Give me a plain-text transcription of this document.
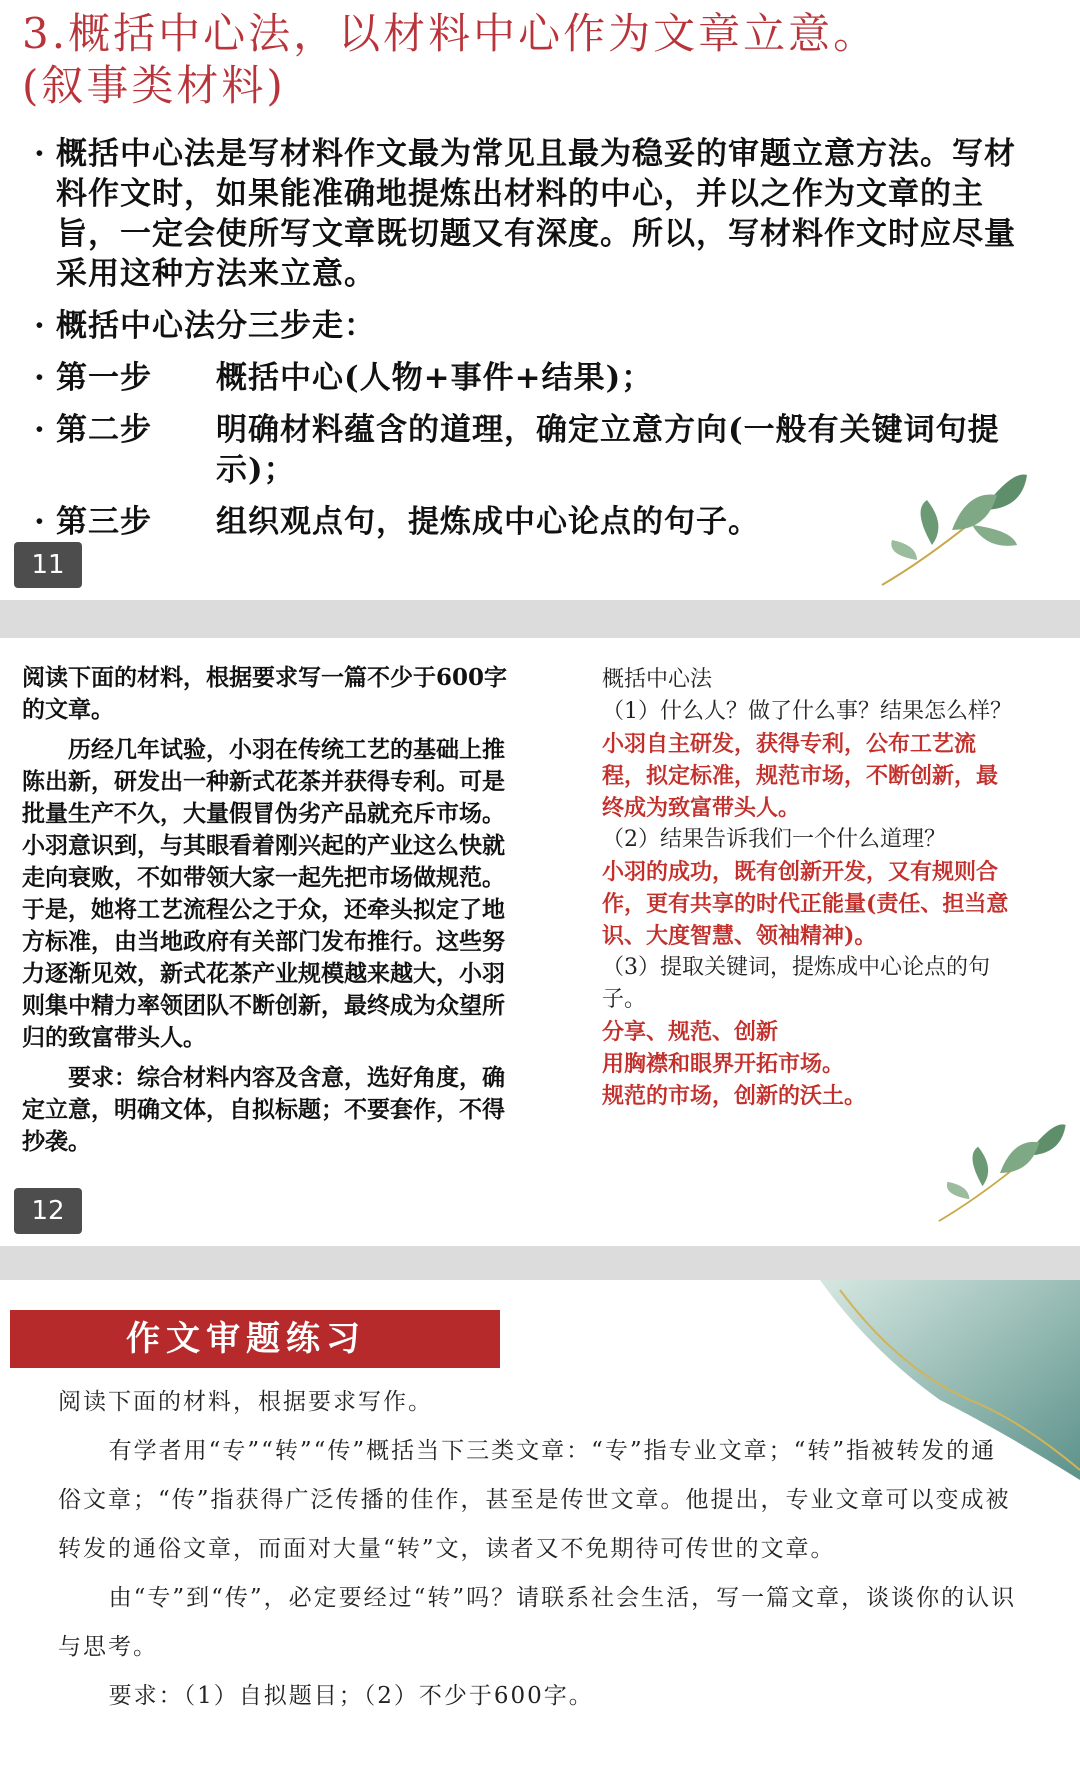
3.概括中心法，以材料中心作为文章立意。
(叙事类材料)
· 概括中心法是写材料作文最为常见且最为稳妥的审题立意方法。写材料作文时，如果能准确地提炼出材料的中心，并以之作为文章的主旨，一定会使所写文章既切题又有深度。所以，写材料作文时应尽量采用这种方法来立意。
· 概括中心法分三步走：
· 第一步	概括中心(人物+事件+结果)；
· 第二步	明确材料蕴含的道理，确定立意方向(一般有关键词句提示)；
· 第三步	组织观点句，提炼成中心论点的句子。
11

阅读下面的材料，根据要求写一篇不少于600字的文章。

历经几年试验，小羽在传统工艺的基础上推陈出新，研发出一种新式花茶并获得专利。可是批量生产不久，大量假冒伪劣产品就充斥市场。小羽意识到，与其眼看着刚兴起的产业这么快就走向衰败，不如带领大家一起先把市场做规范。于是，她将工艺流程公之于众，还牵头拟定了地方标准，由当地政府有关部门发布推行。这些努力逐渐见效，新式花茶产业规模越来越大，小羽则集中精力率领团队不断创新，最终成为众望所归的致富带头人。

要求：综合材料内容及含意，选好角度，确定立意，明确文体，自拟标题；不要套作，不得抄袭。

概括中心法

（1）什么人？做了什么事？结果怎么样？

小羽自主研发，获得专利，公布工艺流程，拟定标准，规范市场，不断创新，最终成为致富带头人。

（2）结果告诉我们一个什么道理？

小羽的成功，既有创新开发，又有规则合作，更有共享的时代正能量(责任、担当意识、大度智慧、领袖精神)。

（3）提取关键词，提炼成中心论点的句子。

分享、规范、创新

用胸襟和眼界开拓市场。

规范的市场，创新的沃土。

12
作文审题练习

阅读下面的材料，根据要求写作。

有学者用“专”“转”“传”概括当下三类文章：“专”指专业文章；“转”指被转发的通俗文章；“传”指获得广泛传播的佳作，甚至是传世文章。他提出，专业文章可以变成被转发的通俗文章，而面对大量“转”文，读者又不免期待可传世的文章。

由“专”到“传”，必定要经过“转”吗？请联系社会生活，写一篇文章，谈谈你的认识与思考。

要求：（1）自拟题目；（2）不少于600字。
